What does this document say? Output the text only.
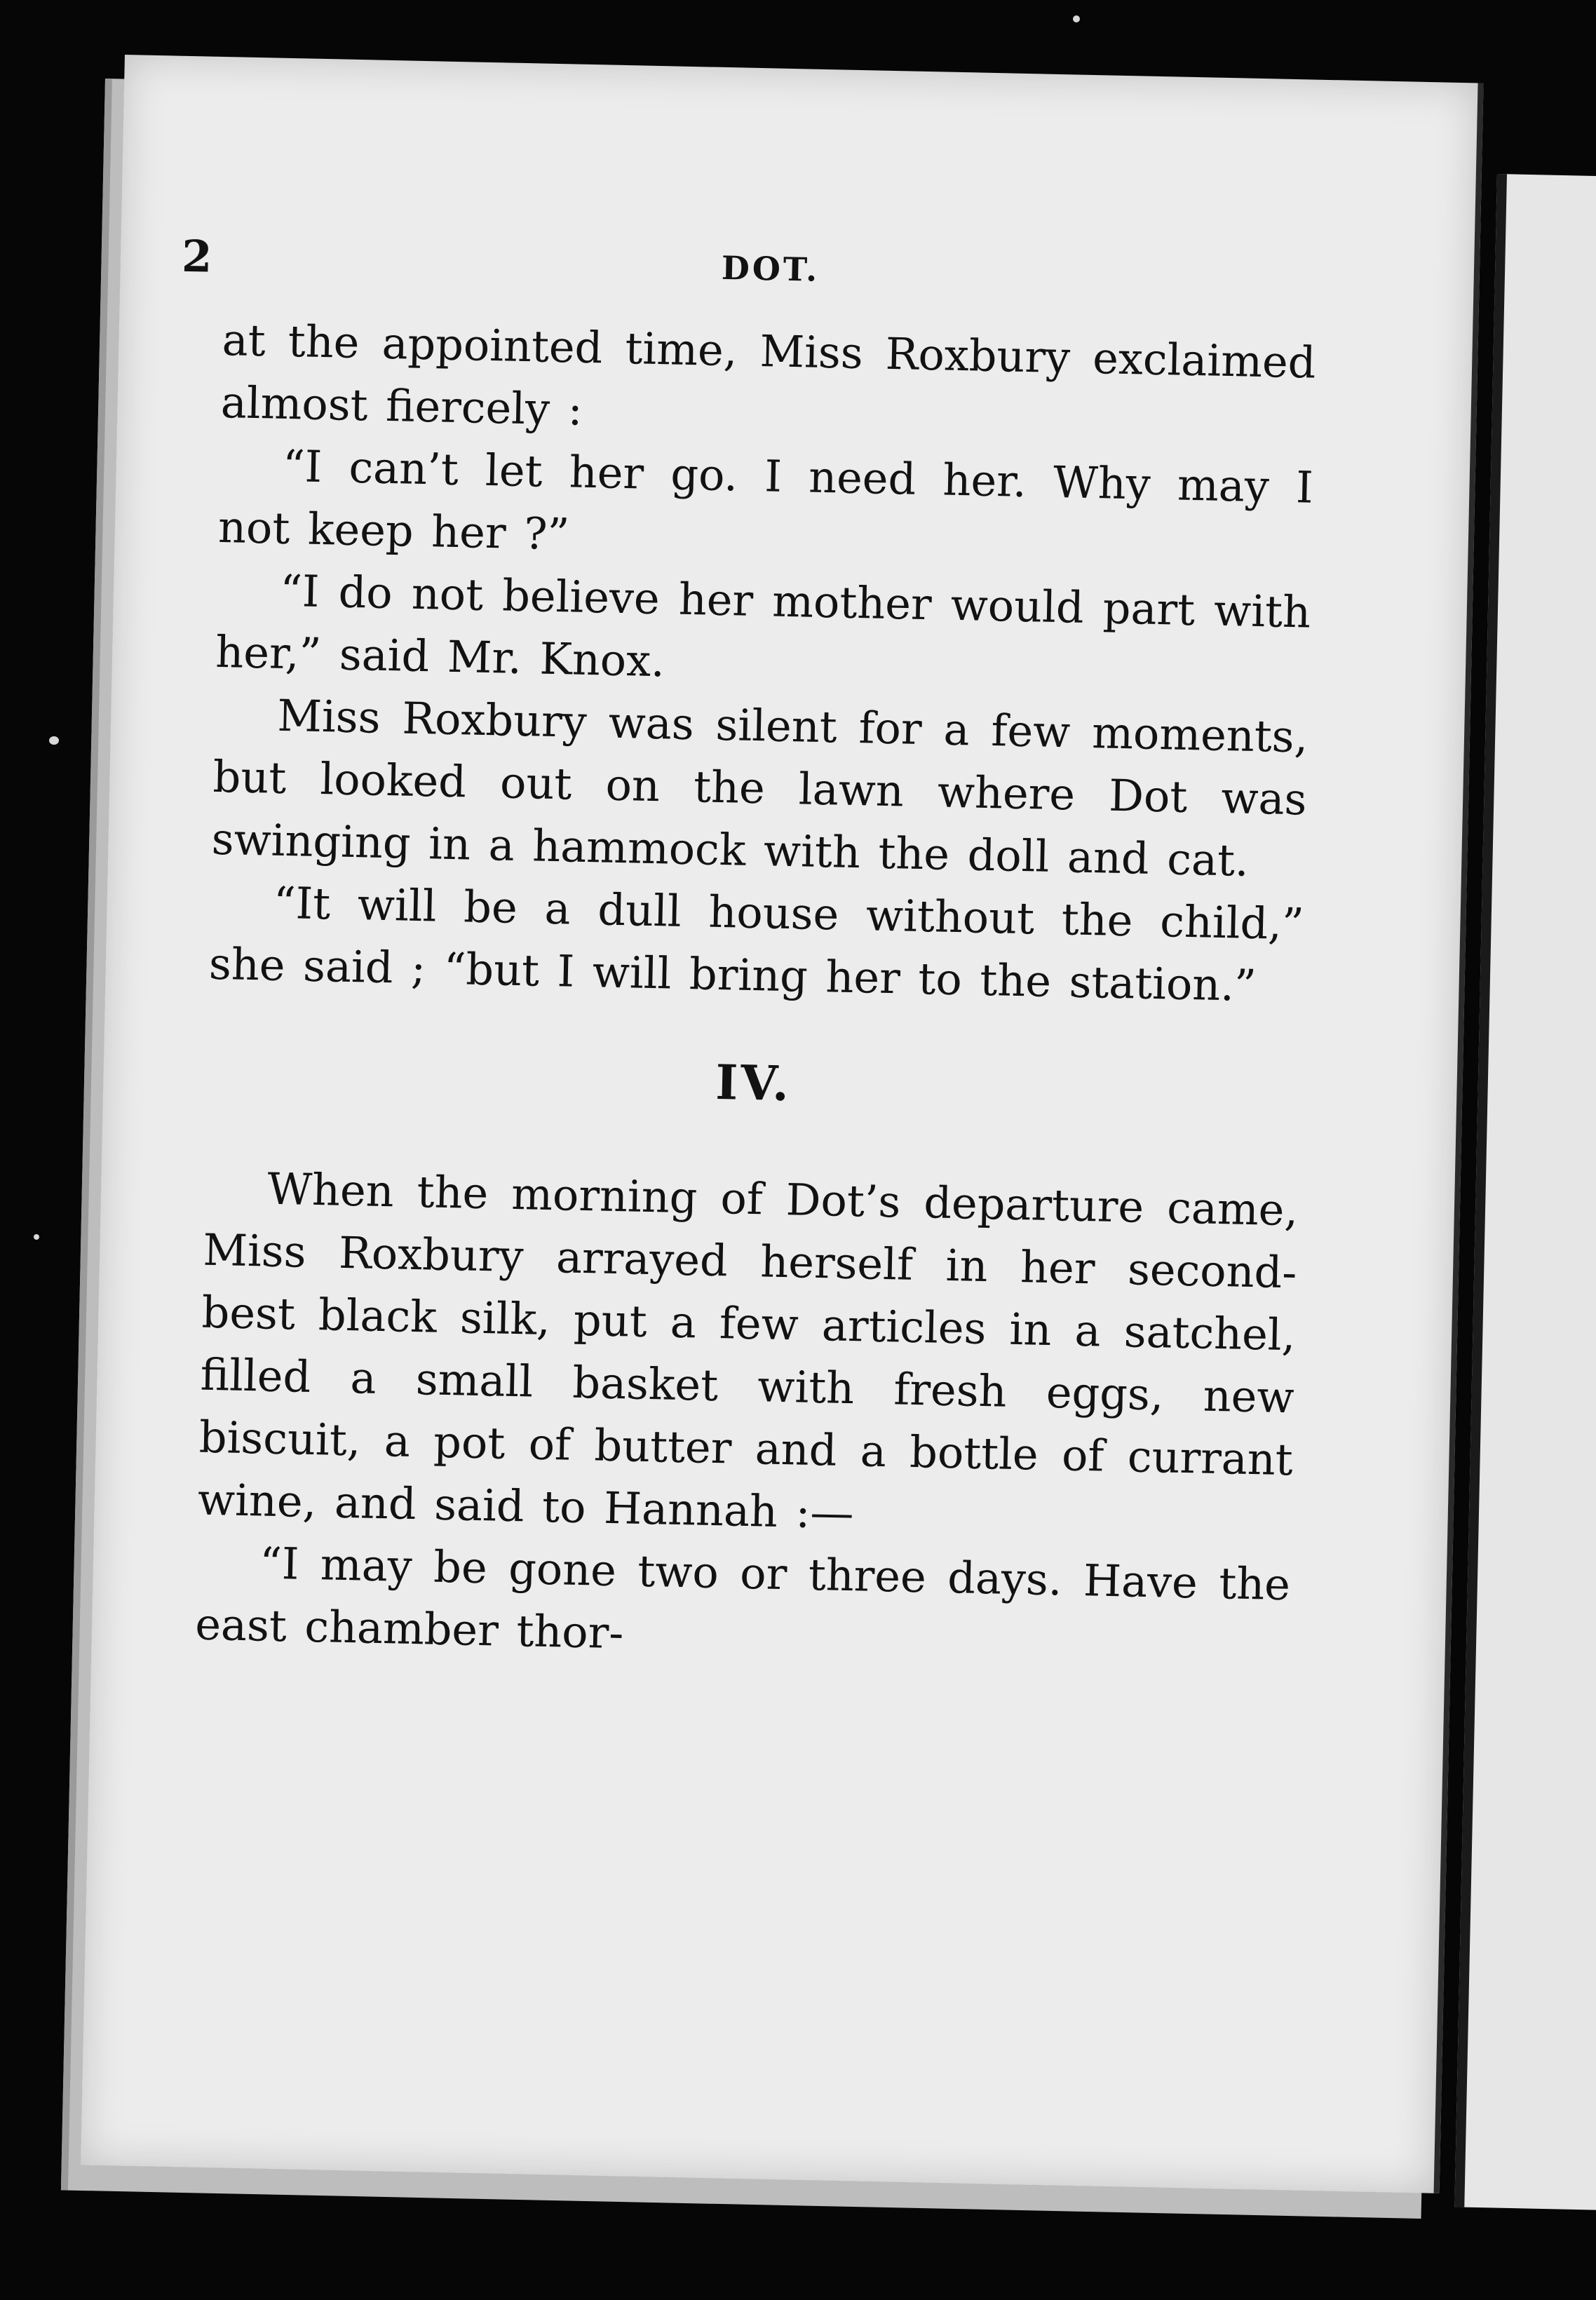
2	DOT.

at the appointed time, Miss Roxbury exclaimed almost fiercely :

“I can’t let her go. I need her. Why may I not keep her ?”

“I do not believe her mother would part with her,” said Mr. Knox.

Miss Roxbury was silent for a few moments, but looked out on the lawn where Dot was swinging in a hammock with the doll and cat.

“It will be a dull house without the child,” she said ; “but I will bring her to the station.”

IV.

When the morning of Dot’s departure came, Miss Roxbury arrayed herself in her second-best black silk, put a few articles in a satchel, filled a small basket with fresh eggs, new biscuit, a pot of butter and a bottle of currant wine, and said to Hannah :—

“I may be gone two or three days. Have the east chamber thor-
